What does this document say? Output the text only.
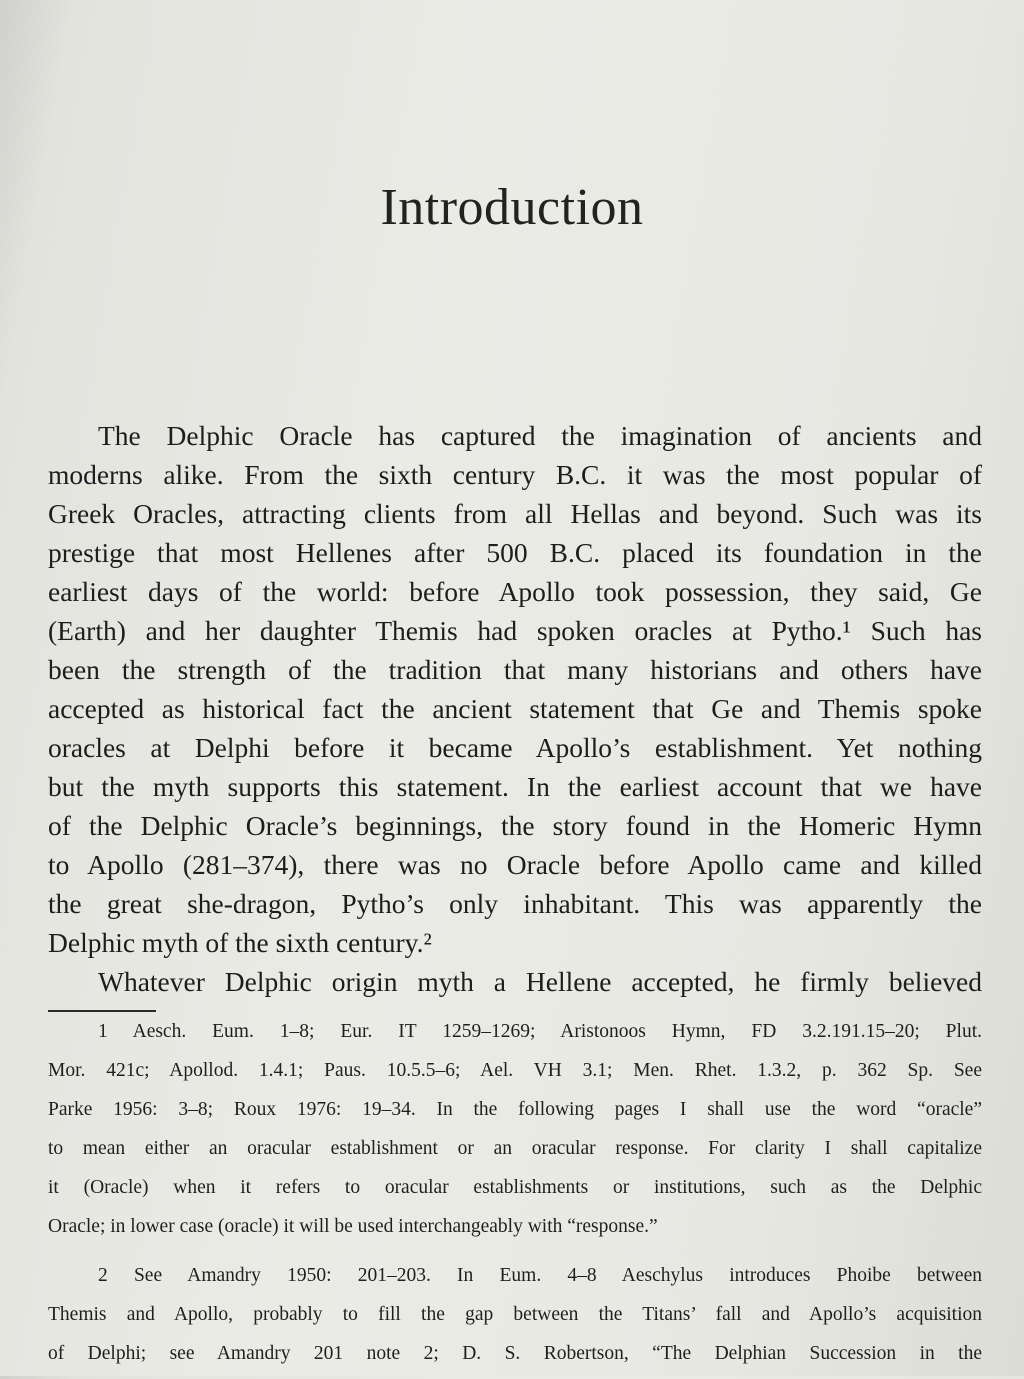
Introduction
The Delphic Oracle has captured the imagination of ancients and
moderns alike. From the sixth century B.C. it was the most popular of
Greek Oracles, attracting clients from all Hellas and beyond. Such was its
prestige that most Hellenes after 500 B.C. placed its foundation in the
earliest days of the world: before Apollo took possession, they said, Ge
(Earth) and her daughter Themis had spoken oracles at Pytho.¹ Such has
been the strength of the tradition that many historians and others have
accepted as historical fact the ancient statement that Ge and Themis spoke
oracles at Delphi before it became Apollo’s establishment. Yet nothing
but the myth supports this statement. In the earliest account that we have
of the Delphic Oracle’s beginnings, the story found in the Homeric Hymn
to Apollo (281–374), there was no Oracle before Apollo came and killed
the great she-dragon, Pytho’s only inhabitant. This was apparently the
Delphic myth of the sixth century.²
Whatever Delphic origin myth a Hellene accepted, he firmly believed
1 Aesch. Eum. 1–8; Eur. IT 1259–1269; Aristonoos Hymn, FD 3.2.191.15–20; Plut.
Mor. 421c; Apollod. 1.4.1; Paus. 10.5.5–6; Ael. VH 3.1; Men. Rhet. 1.3.2, p. 362 Sp. See
Parke 1956: 3–8; Roux 1976: 19–34. In the following pages I shall use the word “oracle”
to mean either an oracular establishment or an oracular response. For clarity I shall capitalize
it (Oracle) when it refers to oracular establishments or institutions, such as the Delphic
Oracle; in lower case (oracle) it will be used interchangeably with “response.”
2 See Amandry 1950: 201–203. In Eum. 4–8 Aeschylus introduces Phoibe between
Themis and Apollo, probably to fill the gap between the Titans’ fall and Apollo’s acquisition
of Delphi; see Amandry 201 note 2; D. S. Robertson, “The Delphian Succession in the
